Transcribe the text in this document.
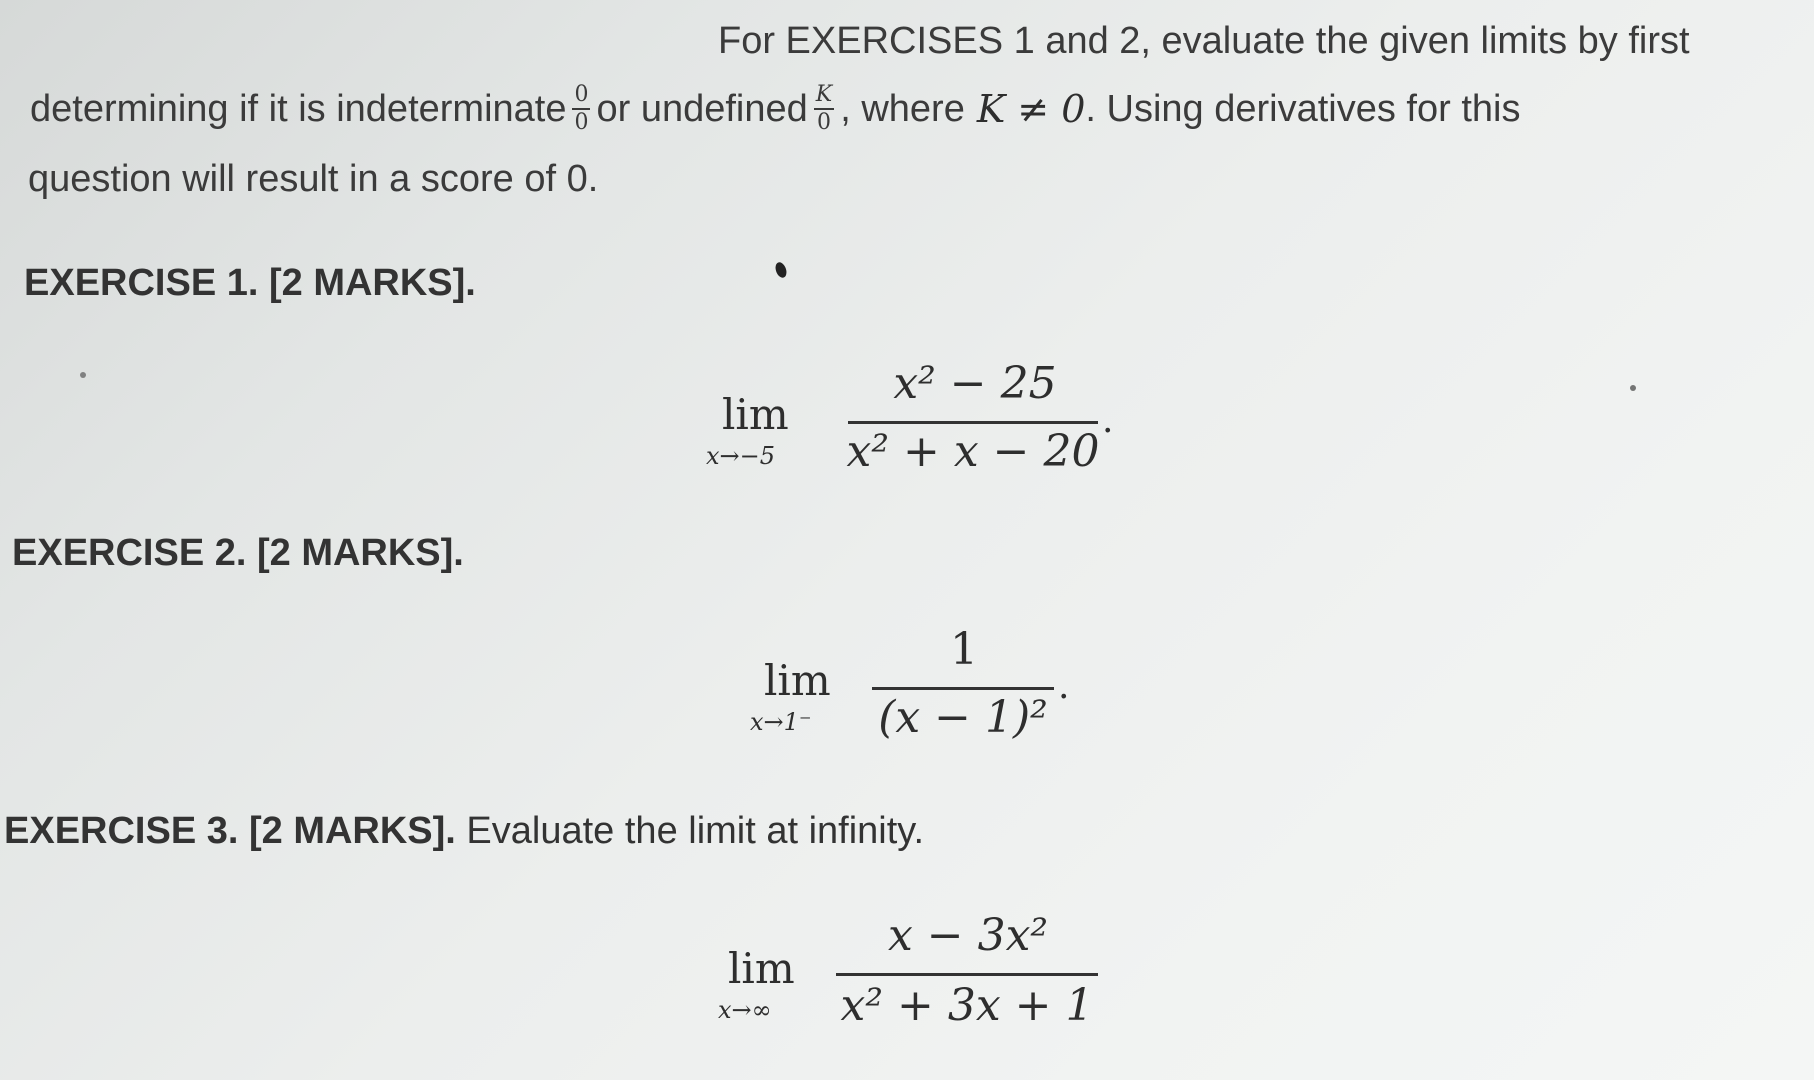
For EXERCISES 1 and 2, evaluate the given limits by first
determining if it is indeterminate $\frac{0}{0}$ or undefined $\frac{K}{0}$ , where K ≠ 0 . Using derivatives for this
question will result in a score of 0.
EXERCISE 1. [2 MARKS].
lim
x→−5
x² − 25
x² + x − 20
.
EXERCISE 2. [2 MARKS].
lim
x→1⁻
1
(x − 1)²
.
EXERCISE 3. [2 MARKS]. Evaluate the limit at infinity.
lim
x→∞
x − 3x²
x² + 3x + 1
